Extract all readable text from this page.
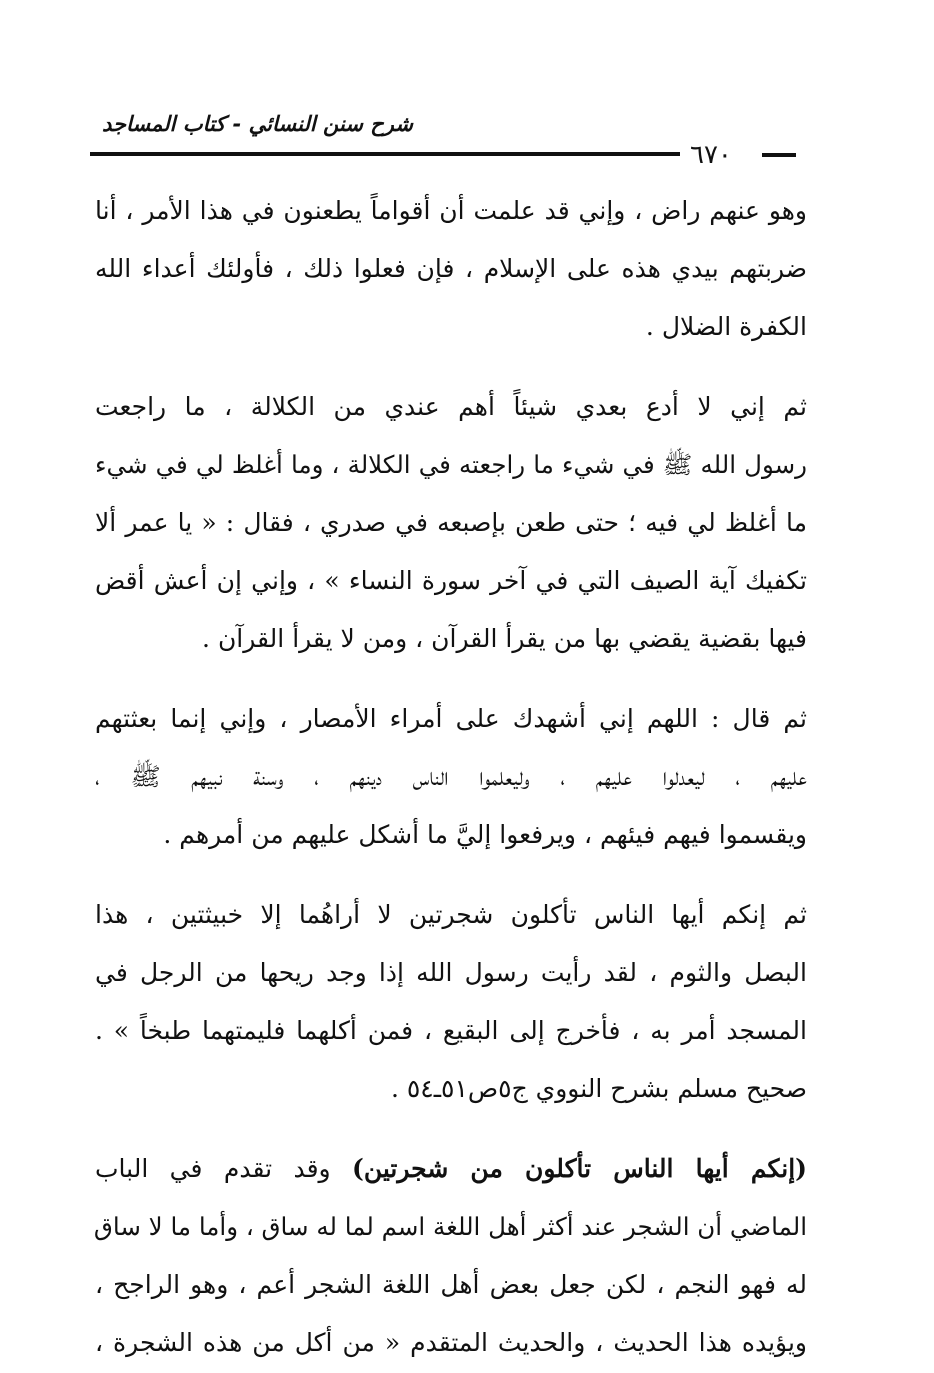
شرح سنن النسائي - كتاب المساجد
٦٧٠
وهو عنهم راض ، وإني قد علمت أن أقواماً يطعنون في هذا الأمر ، أنا
ضربتهم بيدي هذه على الإسلام ، فإن فعلوا ذلك ، فأولئك أعداء الله
الكفرة الضلال .
ثم إني لا أدع بعدي شيئاً أهم عندي من الكلالة ، ما راجعت
رسول الله ﷺ في شيء ما راجعته في الكلالة ، وما أغلظ لي في شيء
ما أغلظ لي فيه ؛ حتى طعن بإصبعه في صدري ، فقال : « يا عمر ألا
تكفيك آية الصيف التي في آخر سورة النساء » ، وإني إن أعش أقض
فيها بقضية يقضي بها من يقرأ القرآن ، ومن لا يقرأ القرآن .
ثم قال : اللهم إني أشهدك على أمراء الأمصار ، وإني إنما بعثتهم
عليهم ، ليعدلوا عليهم ، وليعلموا الناس دينهم ، وسنة نبيهم ﷺ ،
ويقسموا فيهم فيئهم ، ويرفعوا إليَّ ما أشكل عليهم من أمرهم .
ثم إنكم أيها الناس تأكلون شجرتين لا أراهُما إلا خبيثتين ، هذا
البصل والثوم ، لقد رأيت رسول الله إذا وجد ريحها من الرجل في
المسجد أمر به ، فأخرج إلى البقيع ، فمن أكلهما فليمتهما طبخاً » .
صحيح مسلم بشرح النووي ج٥ص٥١ـ٥٤ .
(إنكم أيها الناس تأكلون من شجرتين) وقد تقدم في الباب
الماضي أن الشجر عند أكثر أهل اللغة اسم لما له ساق ، وأما ما لا ساق
له فهو النجم ، لكن جعل بعض أهل اللغة الشجر أعم ، وهو الراجح ،
ويؤيده هذا الحديث ، والحديث المتقدم « من أكل من هذه الشجرة ،
